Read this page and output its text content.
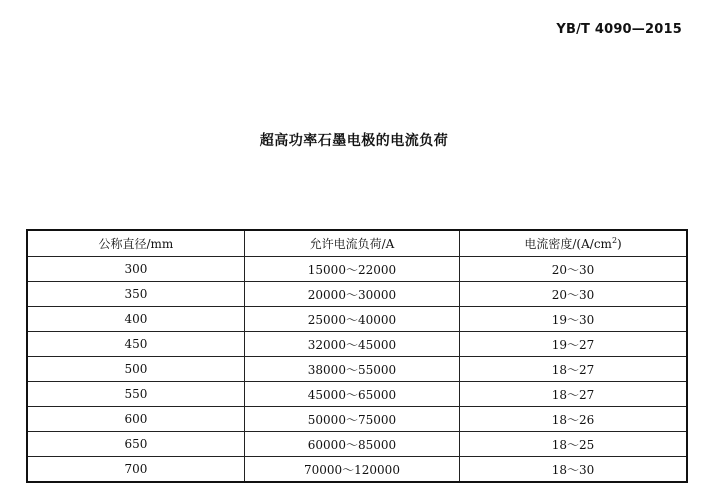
YB/T 4090—2015
超高功率石墨电极的电流负荷
公称直径/mm	允许电流负荷/A	电流密度$/(A/cm^2)$
300	15000～22000	20～30
350	20000～30000	20～30
400	25000～40000	19～30
450	32000～45000	19～27
500	38000～55000	18～27
550	45000～65000	18～27
600	50000～75000	18～26
650	60000～85000	18～25
700	70000～120000	18～30
